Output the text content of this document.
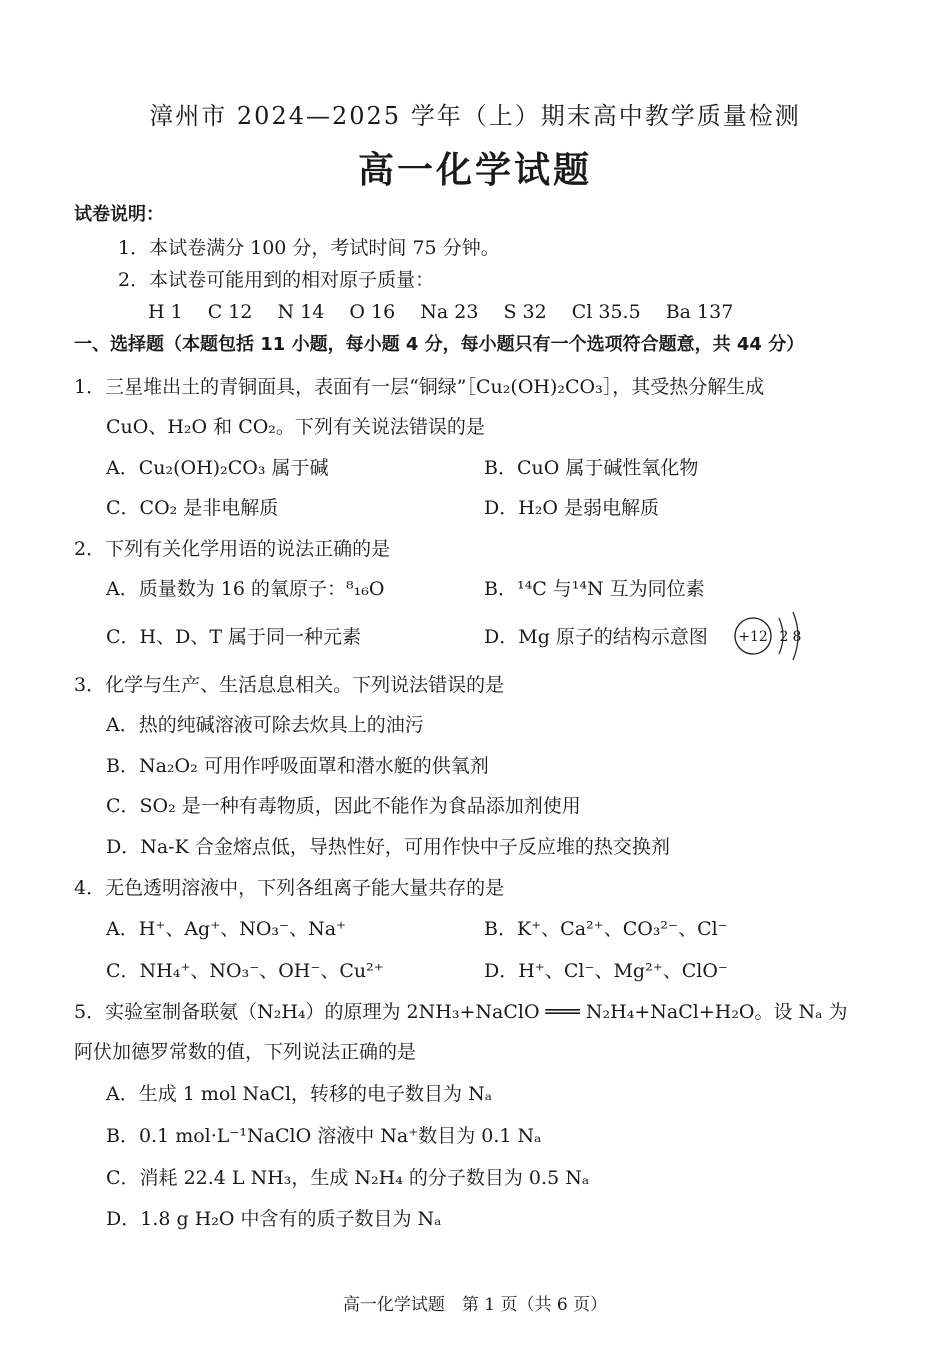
漳州市 2024—2025 学年（上）期末高中教学质量检测
高一化学试题
试卷说明：
1．本试卷满分 100 分，考试时间 75 分钟。
2．本试卷可能用到的相对原子质量：
H 1　 C 12　 N 14　 O 16　 Na 23　 S 32　 Cl 35.5　 Ba 137
一、选择题（本题包括 11 小题，每小题 4 分，每小题只有一个选项符合题意，共 44 分）
1．三星堆出土的青铜面具，表面有一层“铜绿”［Cu₂(OH)₂CO₃］，其受热分解生成
CuO、H₂O 和 CO₂。下列有关说法错误的是
A．Cu₂(OH)₂CO₃ 属于碱	B．CuO 属于碱性氧化物
C．CO₂ 是非电解质	D．H₂O 是弱电解质
2．下列有关化学用语的说法正确的是
A．质量数为 16 的氧原子：⁸₁₆O	B．¹⁴C 与¹⁴N 互为同位素
C．H、D、T 属于同一种元素	D．Mg 原子的结构示意图 +12 2 8
3．化学与生产、生活息息相关。下列说法错误的是
A．热的纯碱溶液可除去炊具上的油污
B．Na₂O₂ 可用作呼吸面罩和潜水艇的供氧剂
C．SO₂ 是一种有毒物质，因此不能作为食品添加剂使用
D．Na-K 合金熔点低，导热性好，可用作快中子反应堆的热交换剂
4．无色透明溶液中，下列各组离子能大量共存的是
A．H⁺、Ag⁺、NO₃⁻、Na⁺	B．K⁺、Ca²⁺、CO₃²⁻、Cl⁻
C．NH₄⁺、NO₃⁻、OH⁻、Cu²⁺	D．H⁺、Cl⁻、Mg²⁺、ClO⁻
5．实验室制备联氨（N₂H₄）的原理为 2NH₃+NaClO ═══ N₂H₄+NaCl+H₂O。设 Nₐ 为
阿伏加德罗常数的值，下列说法正确的是
A．生成 1 mol NaCl，转移的电子数目为 Nₐ
B．0.1 mol·L⁻¹NaClO 溶液中 Na⁺数目为 0.1 Nₐ
C．消耗 22.4 L NH₃，生成 N₂H₄ 的分子数目为 0.5 Nₐ
D．1.8 g H₂O 中含有的质子数目为 Nₐ
高一化学试题　第 1 页（共 6 页）
